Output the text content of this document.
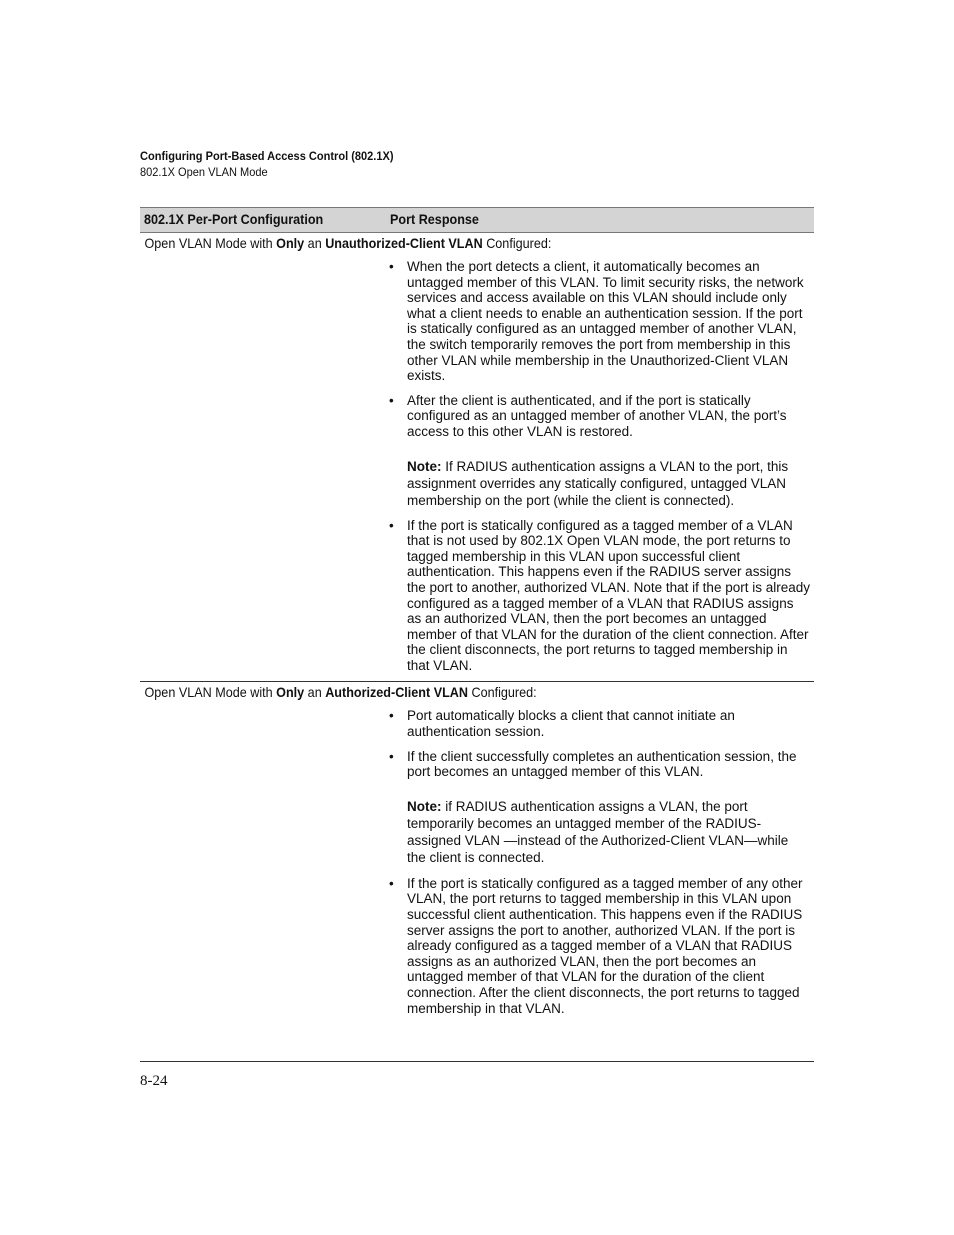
Configuring Port-Based Access Control (802.1X)
802.1X Open VLAN Mode
802.1X Per-Port Configuration	Port Response
Open VLAN Mode with Only an Unauthorized-Client VLAN Configured:
• When the port detects a client, it automatically becomes an untagged member of this VLAN. To limit security risks, the network services and access available on this VLAN should include only what a client needs to enable an authentication session. If the port is statically configured as an untagged member of another VLAN, the switch temporarily removes the port from membership in this other VLAN while membership in the Unauthorized-Client VLAN exists.
• After the client is authenticated, and if the port is statically configured as an untagged member of another VLAN, the port’s access to this other VLAN is restored.
Note: If RADIUS authentication assigns a VLAN to the port, this assignment overrides any statically configured, untagged VLAN membership on the port (while the client is connected).
• If the port is statically configured as a tagged member of a VLAN that is not used by 802.1X Open VLAN mode, the port returns to tagged membership in this VLAN upon successful client authentication. This happens even if the RADIUS server assigns the port to another, authorized VLAN. Note that if the port is already configured as a tagged member of a VLAN that RADIUS assigns as an authorized VLAN, then the port becomes an untagged member of that VLAN for the duration of the client connection. After the client disconnects, the port returns to tagged membership in that VLAN.
Open VLAN Mode with Only an Authorized-Client VLAN Configured:
• Port automatically blocks a client that cannot initiate an authentication session.
• If the client successfully completes an authentication session, the port becomes an untagged member of this VLAN.
Note: if RADIUS authentication assigns a VLAN, the port temporarily becomes an untagged member of the RADIUS-assigned VLAN —instead of the Authorized-Client VLAN—while the client is connected.
• If the port is statically configured as a tagged member of any other VLAN, the port returns to tagged membership in this VLAN upon successful client authentication. This happens even if the RADIUS server assigns the port to another, authorized VLAN. If the port is already configured as a tagged member of a VLAN that RADIUS assigns as an authorized VLAN, then the port becomes an untagged member of that VLAN for the duration of the client connection. After the client disconnects, the port returns to tagged membership in that VLAN.
8-24
